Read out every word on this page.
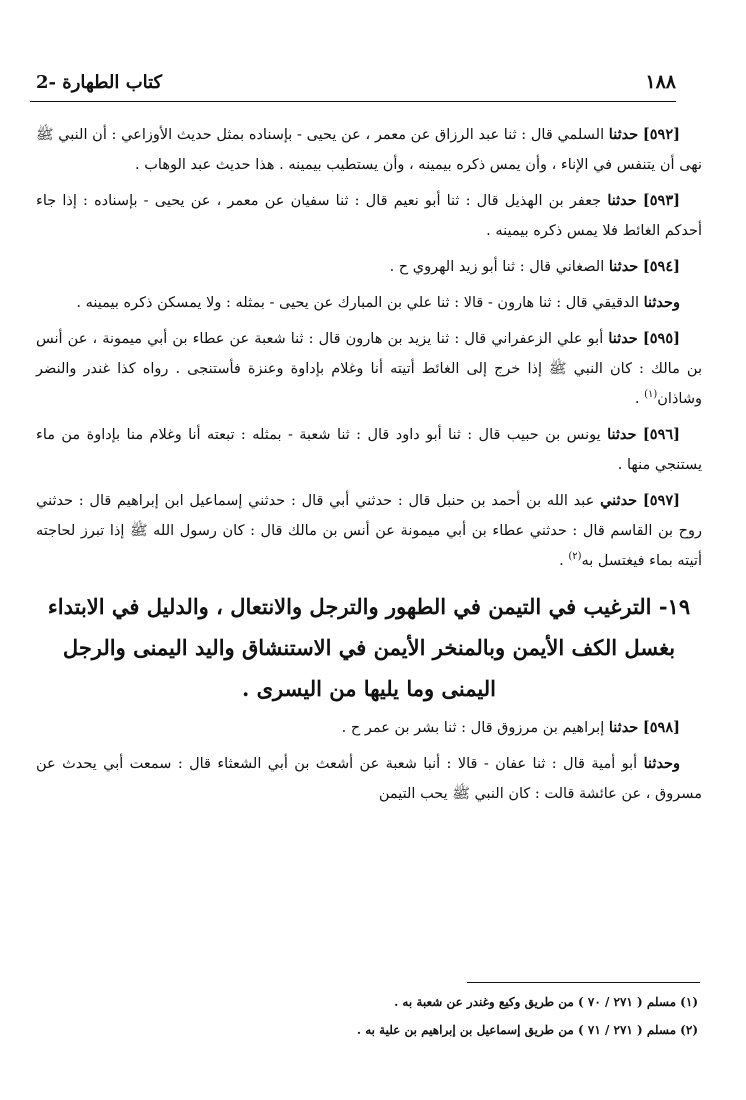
2- كتاب الطهارة	١٨٨

[٥٩٢] حدثنا السلمي قال : ثنا عبد الرزاق عن معمر ، عن يحيى - بإسناده بمثل حديث الأوزاعي : أن النبي ﷺ نهى أن يتنفس في الإناء ، وأن يمس ذكره بيمينه ، وأن يستطيب بيمينه . هذا حديث عبد الوهاب .

[٥٩٣] حدثنا جعفر بن الهذيل قال : ثنا أبو نعيم قال : ثنا سفيان عن معمر ، عن يحيى - بإسناده : إذا جاء أحدكم الغائط فلا يمس ذكره بيمينه .

[٥٩٤] حدثنا الصغاني قال : ثنا أبو زيد الهروي ح .

وحدثنا الدقيقي قال : ثنا هارون - قالا : ثنا علي بن المبارك عن يحيى - بمثله : ولا يمسكن ذكره بيمينه .

[٥٩٥] حدثنا أبو علي الزعفراني قال : ثنا يزيد بن هارون قال : ثنا شعبة عن عطاء بن أبي ميمونة ، عن أنس بن مالك : كان النبي ﷺ إذا خرج إلى الغائط أتيته أنا وغلام بإداوة وعنزة فأستنجى . رواه كذا غندر والنضر وشاذان$^{(١)}$ .

[٥٩٦] حدثنا يونس بن حبيب قال : ثنا أبو داود قال : ثنا شعبة - بمثله : تبعته أنا وغلام منا بإداوة من ماء يستنجي منها .

[٥٩٧] حدثني عبد الله بن أحمد بن حنبل قال : حدثني أبي قال : حدثني إسماعيل ابن إبراهيم قال : حدثني روح بن القاسم قال : حدثني عطاء بن أبي ميمونة عن أنس بن مالك قال : كان رسول الله ﷺ إذا تبرز لحاجته أتيته بماء فيغتسل به$^{(٢)}$ .

١٩- الترغيب في التيمن في الطهور والترجل والانتعال ، والدليل في الابتداء بغسل الكف الأيمن وبالمنخر الأيمن في الاستنشاق واليد اليمنى والرجل اليمنى وما يليها من اليسرى .

[٥٩٨] حدثنا إبراهيم بن مرزوق قال : ثنا بشر بن عمر ح .

وحدثنا أبو أمية قال : ثنا عفان - قالا : أنبا شعبة عن أشعث بن أبي الشعثاء قال : سمعت أبي يحدث عن مسروق ، عن عائشة قالت : كان النبي ﷺ يحب التيمن

(١) مسلم ( ٢٧١ / ٧٠ ) من طريق وكيع وغندر عن شعبة به .
(٢) مسلم ( ٢٧١ / ٧١ ) من طريق إسماعيل بن إبراهيم بن علية به .
